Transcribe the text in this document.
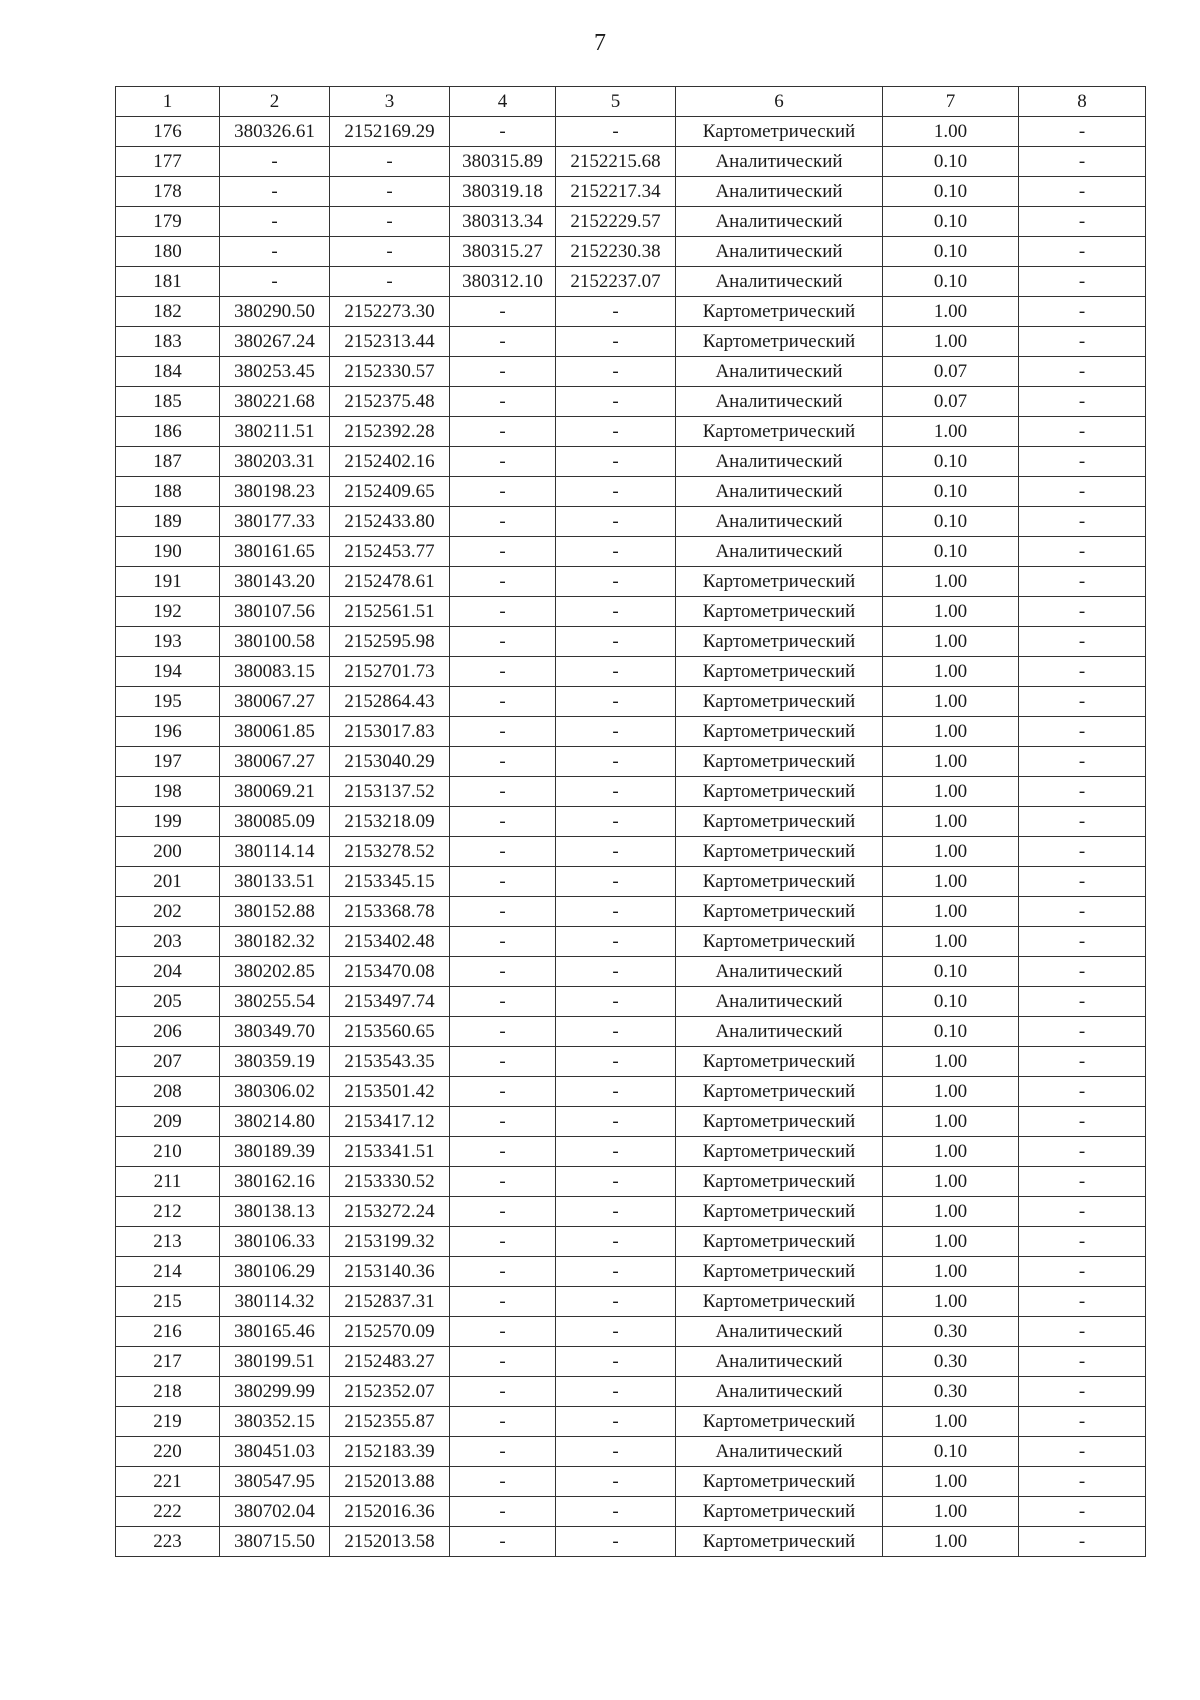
7
1	2	3	4	5	6	7	8
176	380326.61	2152169.29	-	-	Картометрический	1.00	-
177	-	-	380315.89	2152215.68	Аналитический	0.10	-
178	-	-	380319.18	2152217.34	Аналитический	0.10	-
179	-	-	380313.34	2152229.57	Аналитический	0.10	-
180	-	-	380315.27	2152230.38	Аналитический	0.10	-
181	-	-	380312.10	2152237.07	Аналитический	0.10	-
182	380290.50	2152273.30	-	-	Картометрический	1.00	-
183	380267.24	2152313.44	-	-	Картометрический	1.00	-
184	380253.45	2152330.57	-	-	Аналитический	0.07	-
185	380221.68	2152375.48	-	-	Аналитический	0.07	-
186	380211.51	2152392.28	-	-	Картометрический	1.00	-
187	380203.31	2152402.16	-	-	Аналитический	0.10	-
188	380198.23	2152409.65	-	-	Аналитический	0.10	-
189	380177.33	2152433.80	-	-	Аналитический	0.10	-
190	380161.65	2152453.77	-	-	Аналитический	0.10	-
191	380143.20	2152478.61	-	-	Картометрический	1.00	-
192	380107.56	2152561.51	-	-	Картометрический	1.00	-
193	380100.58	2152595.98	-	-	Картометрический	1.00	-
194	380083.15	2152701.73	-	-	Картометрический	1.00	-
195	380067.27	2152864.43	-	-	Картометрический	1.00	-
196	380061.85	2153017.83	-	-	Картометрический	1.00	-
197	380067.27	2153040.29	-	-	Картометрический	1.00	-
198	380069.21	2153137.52	-	-	Картометрический	1.00	-
199	380085.09	2153218.09	-	-	Картометрический	1.00	-
200	380114.14	2153278.52	-	-	Картометрический	1.00	-
201	380133.51	2153345.15	-	-	Картометрический	1.00	-
202	380152.88	2153368.78	-	-	Картометрический	1.00	-
203	380182.32	2153402.48	-	-	Картометрический	1.00	-
204	380202.85	2153470.08	-	-	Аналитический	0.10	-
205	380255.54	2153497.74	-	-	Аналитический	0.10	-
206	380349.70	2153560.65	-	-	Аналитический	0.10	-
207	380359.19	2153543.35	-	-	Картометрический	1.00	-
208	380306.02	2153501.42	-	-	Картометрический	1.00	-
209	380214.80	2153417.12	-	-	Картометрический	1.00	-
210	380189.39	2153341.51	-	-	Картометрический	1.00	-
211	380162.16	2153330.52	-	-	Картометрический	1.00	-
212	380138.13	2153272.24	-	-	Картометрический	1.00	-
213	380106.33	2153199.32	-	-	Картометрический	1.00	-
214	380106.29	2153140.36	-	-	Картометрический	1.00	-
215	380114.32	2152837.31	-	-	Картометрический	1.00	-
216	380165.46	2152570.09	-	-	Аналитический	0.30	-
217	380199.51	2152483.27	-	-	Аналитический	0.30	-
218	380299.99	2152352.07	-	-	Аналитический	0.30	-
219	380352.15	2152355.87	-	-	Картометрический	1.00	-
220	380451.03	2152183.39	-	-	Аналитический	0.10	-
221	380547.95	2152013.88	-	-	Картометрический	1.00	-
222	380702.04	2152016.36	-	-	Картометрический	1.00	-
223	380715.50	2152013.58	-	-	Картометрический	1.00	-
